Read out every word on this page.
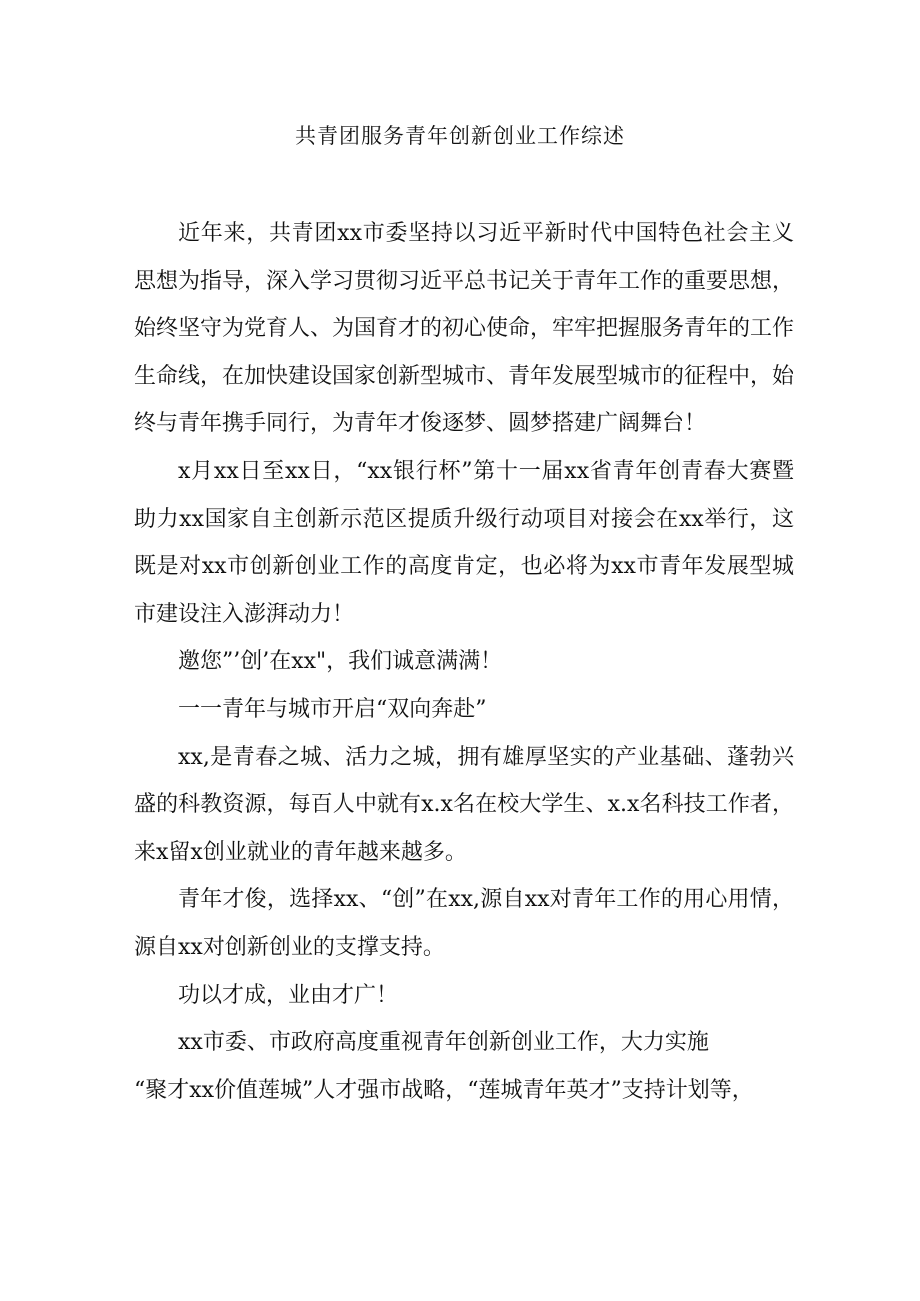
共青团服务青年创新创业工作综述

近年来，共青团xx市委坚持以习近平新时代中国特色社会主义思想为指导，深入学习贯彻习近平总书记关于青年工作的重要思想，始终坚守为党育人、为国育才的初心使命，牢牢把握服务青年的工作生命线，在加快建设国家创新型城市、青年发展型城市的征程中，始终与青年携手同行，为青年才俊逐梦、圆梦搭建广阔舞台！

x月xx日至xx日，“xx银行杯”第十一届xx省青年创青春大赛暨助力xx国家自主创新示范区提质升级行动项目对接会在xx举行，这既是对xx市创新创业工作的高度肯定，也必将为xx市青年发展型城市建设注入澎湃动力！

邀您”’创’在xx"，我们诚意满满！

一一青年与城市开启“双向奔赴”

xx,是青春之城、活力之城，拥有雄厚坚实的产业基础、蓬勃兴盛的科教资源，每百人中就有x.x名在校大学生、x.x名科技工作者，来x留x创业就业的青年越来越多。

青年才俊，选择xx、“创”在xx,源自xx对青年工作的用心用情，源自xx对创新创业的支撑支持。

功以才成，业由才广！

xx市委、市政府高度重视青年创新创业工作，大力实施

“聚才xx价值莲城”人才强市战略，“莲城青年英才”支持计划等，
